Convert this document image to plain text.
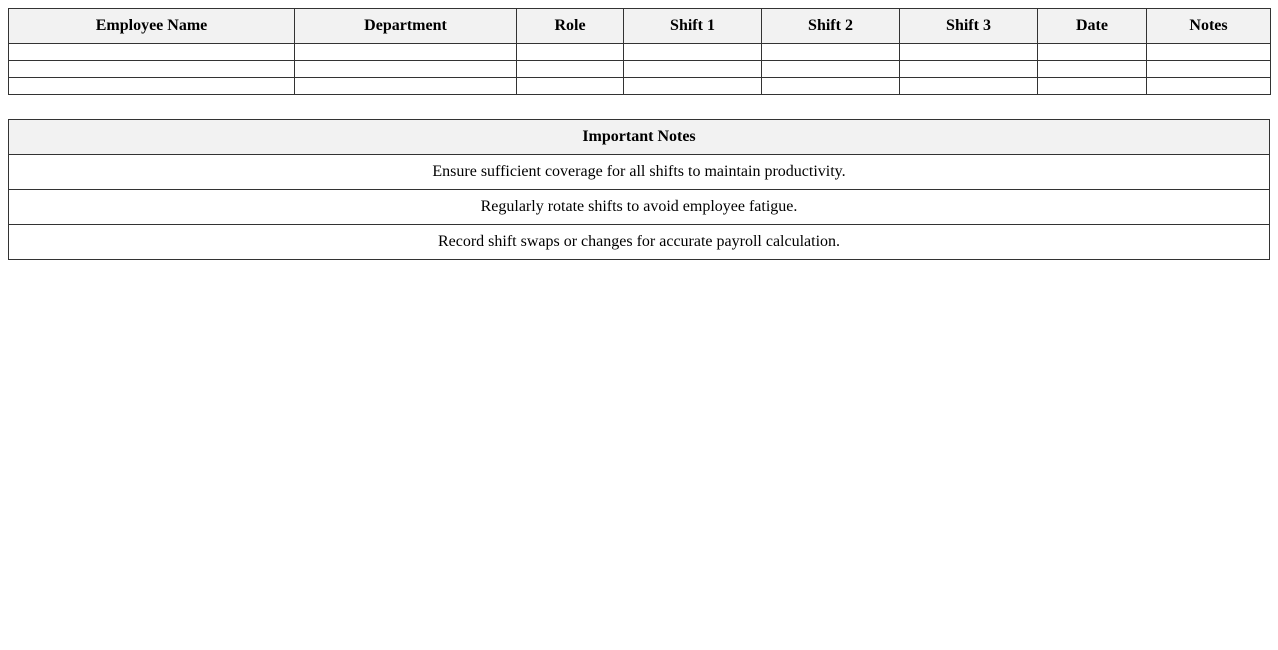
Employee Name	Department	Role	Shift 1	Shift 2	Shift 3	Date	Notes

Important Notes
Ensure sufficient coverage for all shifts to maintain productivity.
Regularly rotate shifts to avoid employee fatigue.
Record shift swaps or changes for accurate payroll calculation.
